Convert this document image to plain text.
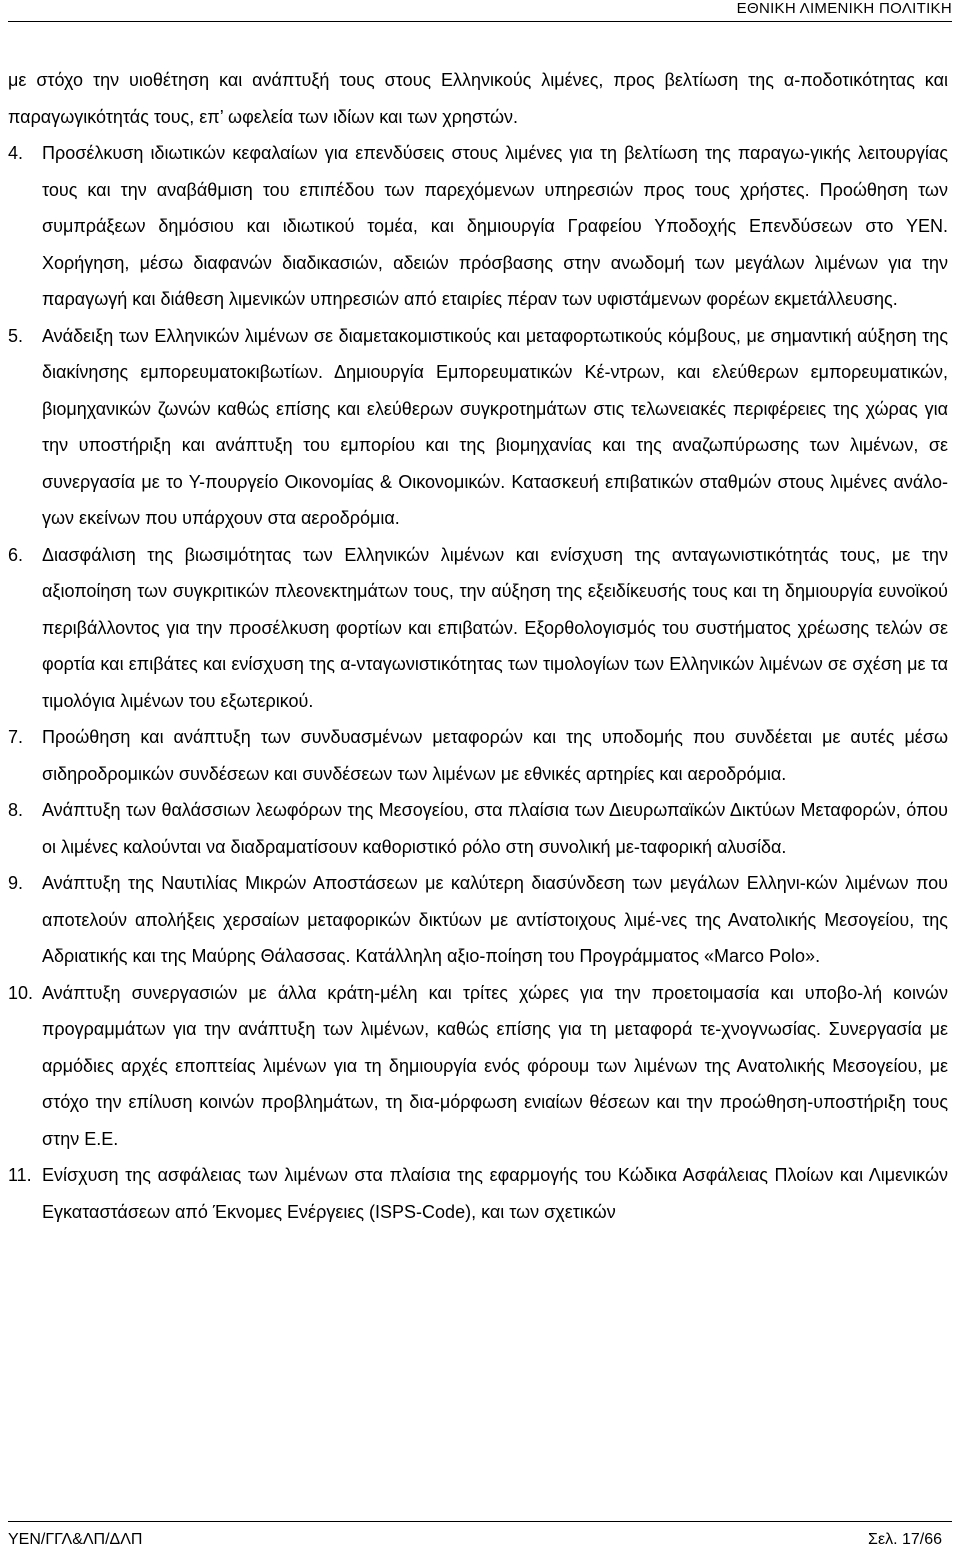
ΕΘΝΙΚΗ ΛΙΜΕΝΙΚΗ ΠΟΛΙΤΙΚΗ

με στόχο την υιοθέτηση και ανάπτυξή τους στους Ελληνικούς λιμένες, προς βελτίωση της α-ποδοτικότητας και παραγωγικότητάς τους, επ’ ωφελεία των ιδίων και των χρηστών.

4. Προσέλκυση ιδιωτικών κεφαλαίων για επενδύσεις στους λιμένες για τη βελτίωση της παραγω-γικής λειτουργίας τους και την αναβάθμιση του επιπέδου των παρεχόμενων υπηρεσιών προς τους χρήστες. Προώθηση των συμπράξεων δημόσιου και ιδιωτικού τομέα, και δημιουργία Γραφείου Υποδοχής Επενδύσεων στο ΥΕΝ. Χορήγηση, μέσω διαφανών διαδικασιών, αδειών πρόσβασης στην ανωδομή των μεγάλων λιμένων για την παραγωγή και διάθεση λιμενικών υπηρεσιών από εταιρίες πέραν των υφιστάμενων φορέων εκμετάλλευσης.

5. Ανάδειξη των Ελληνικών λιμένων σε διαμετακομιστικούς και μεταφορτωτικούς κόμβους, με σημαντική αύξηση της διακίνησης εμπορευματοκιβωτίων. Δημιουργία Εμπορευματικών Κέ-ντρων, και ελεύθερων εμπορευματικών, βιομηχανικών ζωνών καθώς επίσης και ελεύθερων συγκροτημάτων στις τελωνειακές περιφέρειες της χώρας για την υποστήριξη και ανάπτυξη του εμπορίου και της βιομηχανίας και της αναζωπύρωσης των λιμένων, σε συνεργασία με το Υ-πουργείο Οικονομίας & Οικονομικών. Κατασκευή επιβατικών σταθμών στους λιμένες ανάλο-γων εκείνων που υπάρχουν στα αεροδρόμια.

6. Διασφάλιση της βιωσιμότητας των Ελληνικών λιμένων και ενίσχυση της ανταγωνιστικότητάς τους, με την αξιοποίηση των συγκριτικών πλεονεκτημάτων τους, την αύξηση της εξειδίκευσής τους και τη δημιουργία ευνοϊκού περιβάλλοντος για την προσέλκυση φορτίων και επιβατών. Εξορθολογισμός του συστήματος χρέωσης τελών σε φορτία και επιβάτες και ενίσχυση της α-νταγωνιστικότητας των τιμολογίων των Ελληνικών λιμένων σε σχέση με τα τιμολόγια λιμένων του εξωτερικού.

7. Προώθηση και ανάπτυξη των συνδυασμένων μεταφορών και της υποδομής που συνδέεται με αυτές μέσω σιδηροδρομικών συνδέσεων και συνδέσεων των λιμένων με εθνικές αρτηρίες και αεροδρόμια.

8. Ανάπτυξη των θαλάσσιων λεωφόρων της Μεσογείου, στα πλαίσια των Διευρωπαϊκών Δικτύων Μεταφορών, όπου οι λιμένες καλούνται να διαδραματίσουν καθοριστικό ρόλο στη συνολική με-ταφορική αλυσίδα.

9. Ανάπτυξη της Ναυτιλίας Μικρών Αποστάσεων με καλύτερη διασύνδεση των μεγάλων Ελληνι-κών λιμένων που αποτελούν απολήξεις χερσαίων μεταφορικών δικτύων με αντίστοιχους λιμέ-νες της Ανατολικής Μεσογείου, της Αδριατικής και της Μαύρης Θάλασσας. Κατάλληλη αξιο-ποίηση του Προγράμματος «Marco Polo».

10. Ανάπτυξη συνεργασιών με άλλα κράτη-μέλη και τρίτες χώρες για την προετοιμασία και υποβο-λή κοινών προγραμμάτων για την ανάπτυξη των λιμένων, καθώς επίσης για τη μεταφορά τε-χνογνωσίας. Συνεργασία με αρμόδιες αρχές εποπτείας λιμένων για τη δημιουργία ενός φόρουμ των λιμένων της Ανατολικής Μεσογείου, με στόχο την επίλυση κοινών προβλημάτων, τη δια-μόρφωση ενιαίων θέσεων και την προώθηση-υποστήριξη τους στην Ε.Ε.

11. Ενίσχυση της ασφάλειας των λιμένων στα πλαίσια της εφαρμογής του Κώδικα Ασφάλειας Πλοίων και Λιμενικών Εγκαταστάσεων από Έκνομες Ενέργειες (ISPS-Code), και των σχετικών

ΥΕΝ/ΓΓΛ&ΛΠ/ΔΛΠ	Σελ. 17/66
